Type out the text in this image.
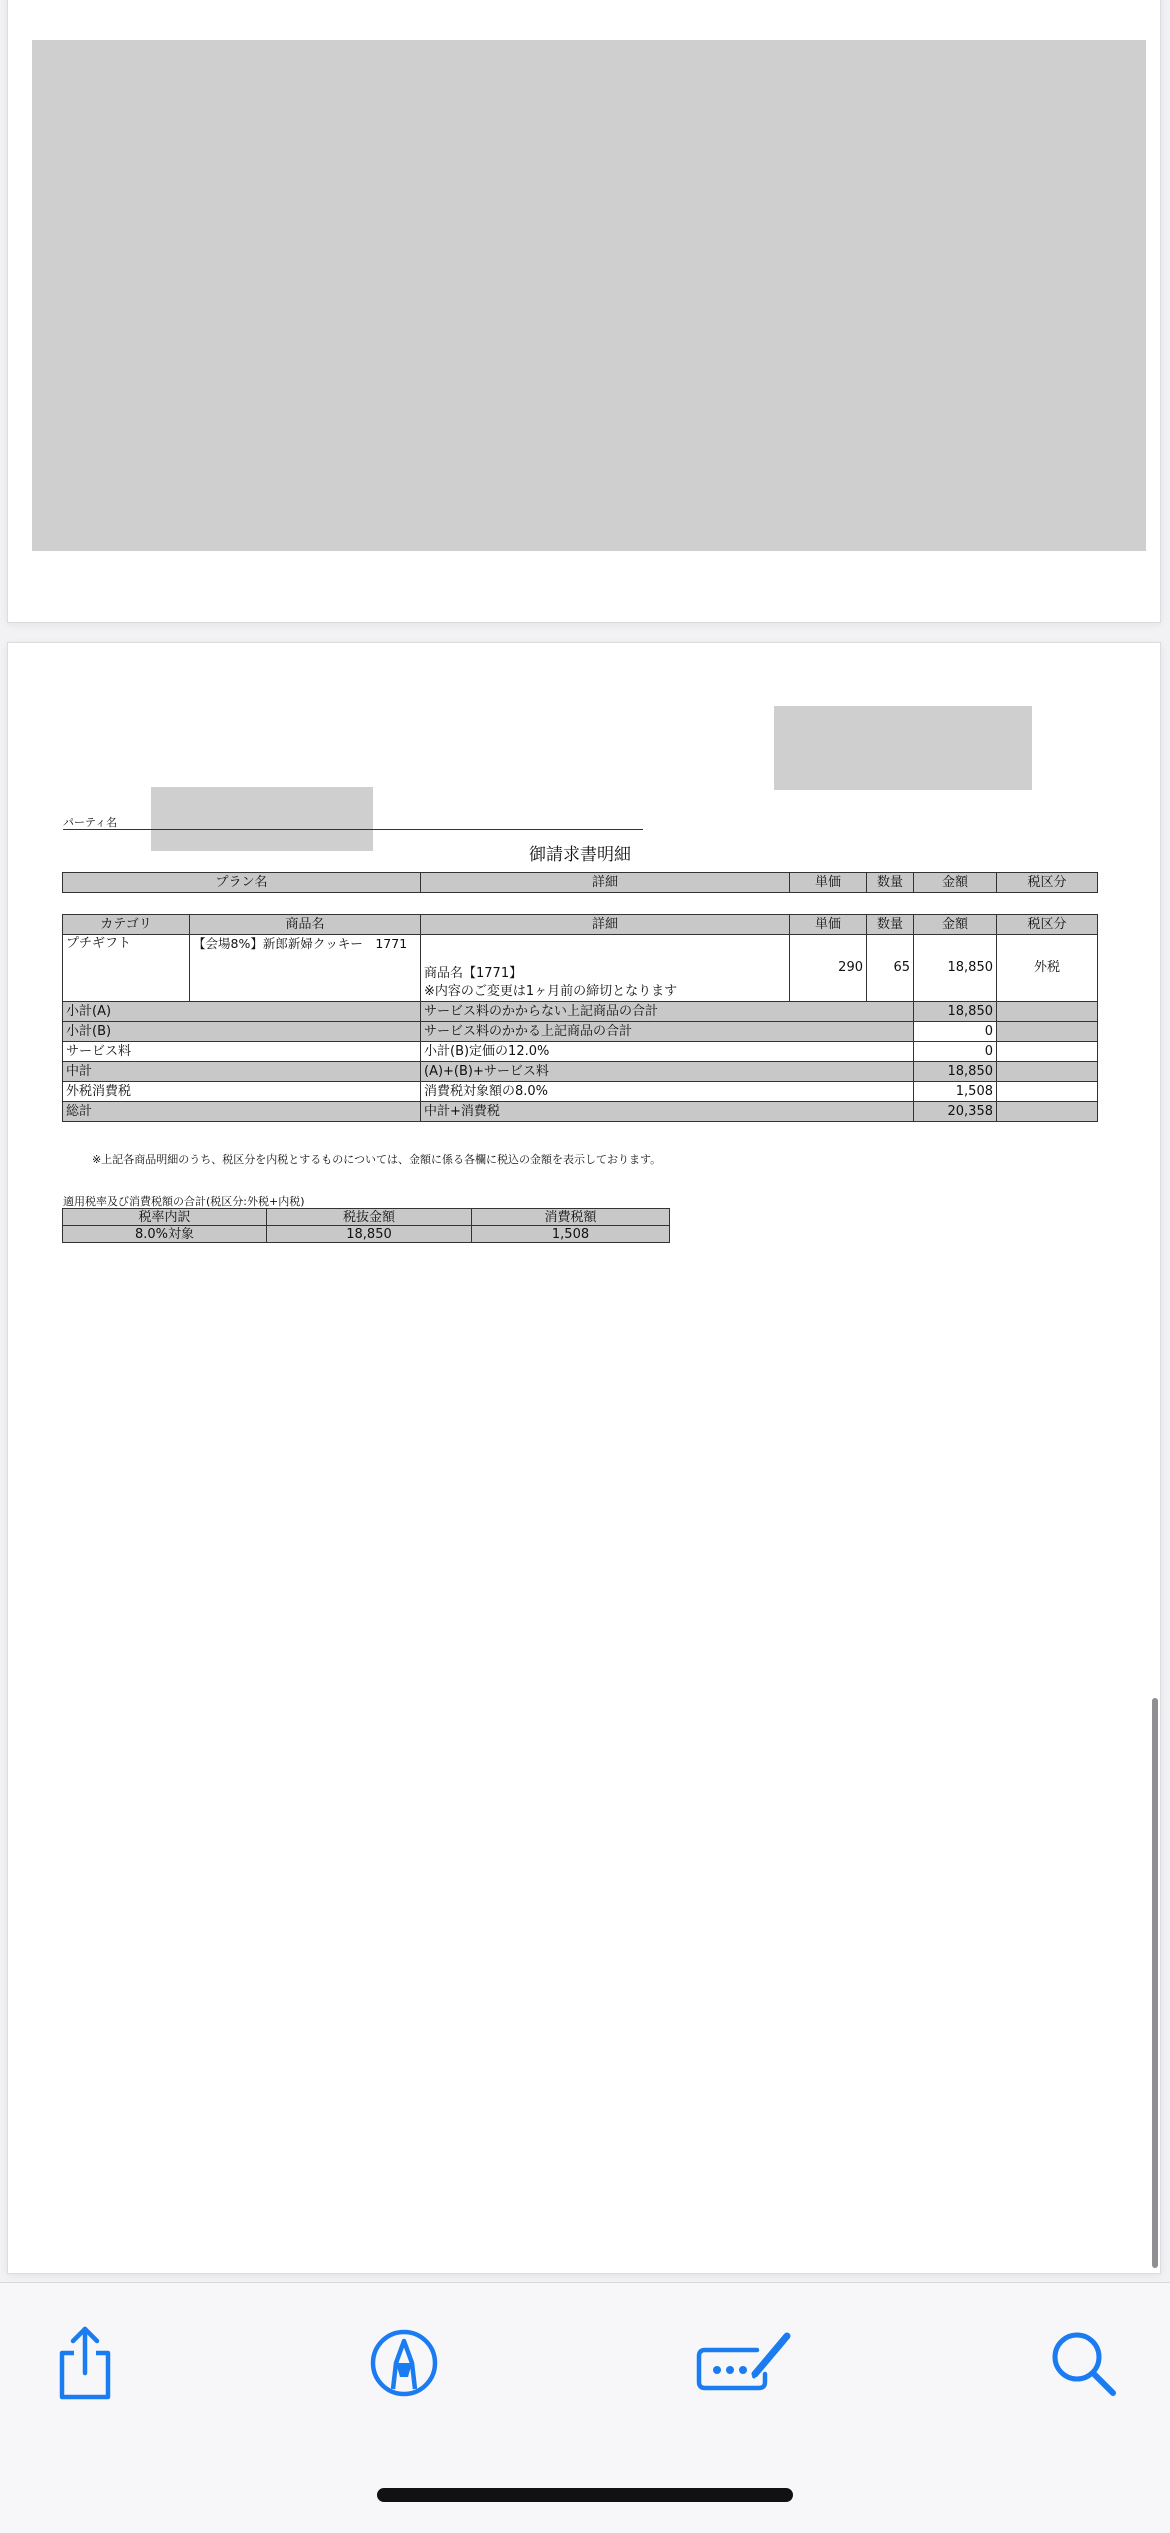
パーティ名
御請求書明細
プラン名	詳細	単価	数量	金額	税区分
カテゴリ	商品名	詳細	単価	数量	金額	税区分
プチギフト	【会場8%】新郎新婦クッキー　1771	商品名【1771】
※内容のご変更は1ヶ月前の締切となります	290	65	18,850	外税
小計(A)		サービス料のかからない上記商品の合計			18,850	
小計(B)		サービス料のかかる上記商品の合計			0	
サービス料		小計(B)定価の12.0%			0	
中計		(A)+(B)+サービス料			18,850	
外税消費税		消費税対象額の8.0%			1,508	
総計		中計+消費税			20,358	
※上記各商品明細のうち、税区分を内税とするものについては、金額に係る各欄に税込の金額を表示しております。
適用税率及び消費税額の合計(税区分:外税+内税)
税率内訳	税抜金額	消費税額
8.0%対象	18,850	1,508
